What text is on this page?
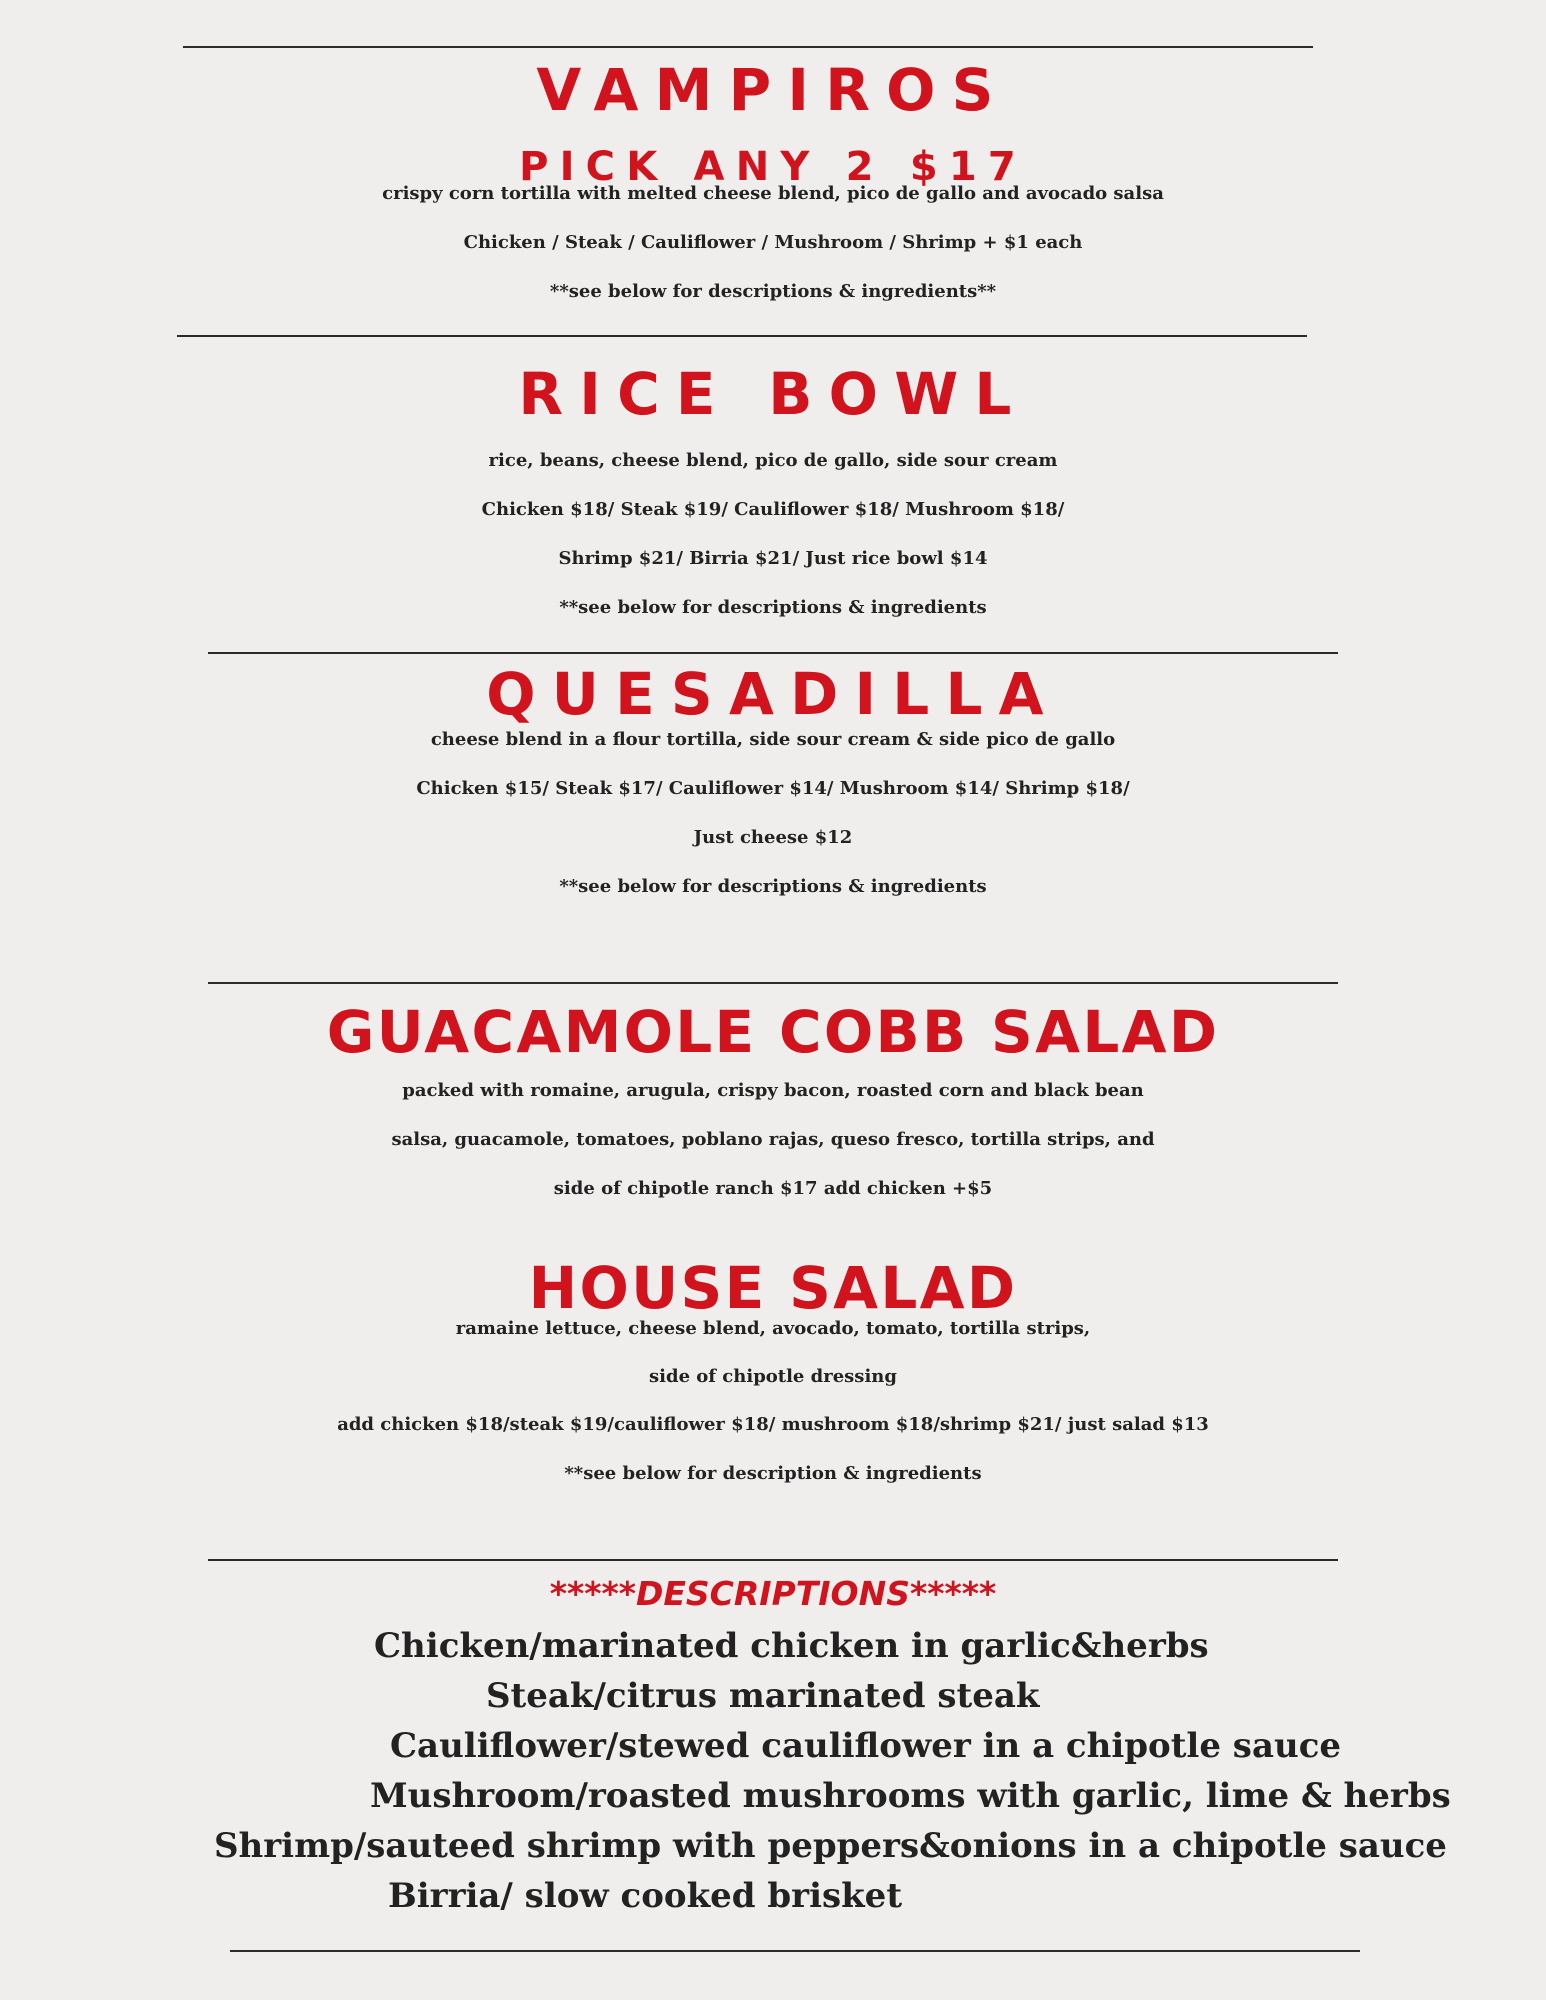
VAMPIROS
PICK ANY 2 $17

crispy corn tortilla with melted cheese blend, pico de gallo and avocado salsa

Chicken / Steak / Cauliflower / Mushroom / Shrimp + $1 each

**see below for descriptions & ingredients**

RICE BOWL

rice, beans, cheese blend, pico de gallo, side sour cream

Chicken $18/ Steak $19/ Cauliflower $18/ Mushroom $18/

Shrimp $21/ Birria $21/ Just rice bowl $14

**see below for descriptions & ingredients

QUESADILLA

cheese blend in a flour tortilla, side sour cream & side pico de gallo

Chicken $15/ Steak $17/ Cauliflower $14/ Mushroom $14/ Shrimp $18/

Just cheese $12

**see below for descriptions & ingredients

GUACAMOLE COBB SALAD

packed with romaine, arugula, crispy bacon, roasted corn and black bean

salsa, guacamole, tomatoes, poblano rajas, queso fresco, tortilla strips, and

side of chipotle ranch $17 add chicken +$5

HOUSE SALAD

ramaine lettuce, cheese blend, avocado, tomato, tortilla strips,

side of chipotle dressing

add chicken $18/steak $19/cauliflower $18/ mushroom $18/shrimp $21/ just salad $13

**see below for description & ingredients

*****DESCRIPTIONS*****

Chicken/marinated chicken in garlic&herbs

Steak/citrus marinated steak

Cauliflower/stewed cauliflower in a chipotle sauce

Mushroom/roasted mushrooms with garlic, lime & herbs

Shrimp/sauteed shrimp with peppers&onions in a chipotle sauce

Birria/ slow cooked brisket
